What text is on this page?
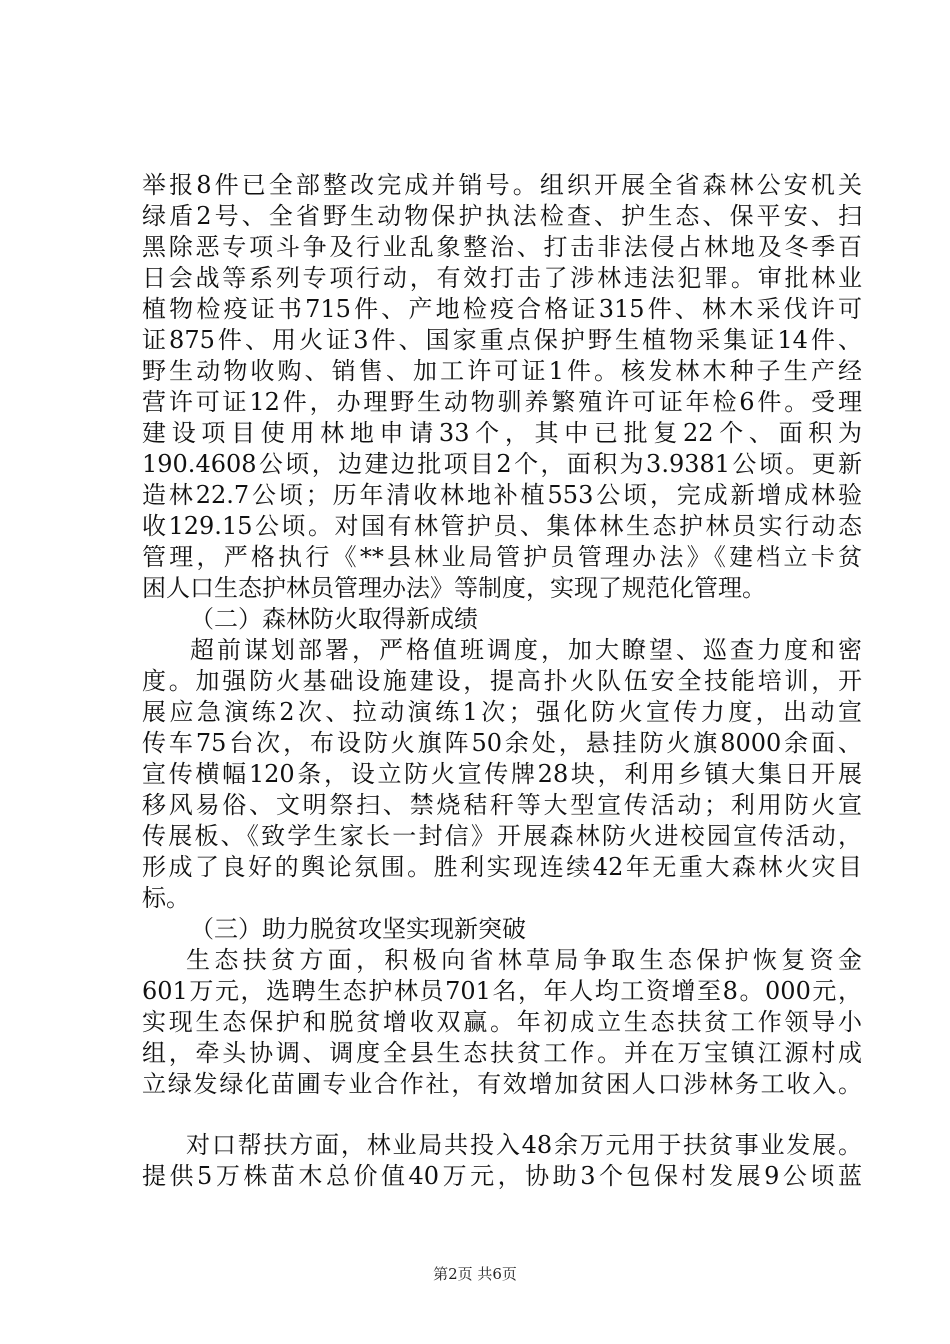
举报8件已全部整改完成并销号。组织开展全省森林公安机关
绿盾2号、全省野生动物保护执法检查、护生态、保平安、扫
黑除恶专项斗争及行业乱象整治、打击非法侵占林地及冬季百
日会战等系列专项行动，有效打击了涉林违法犯罪。审批林业
植物检疫证书715件、产地检疫合格证315件、林木采伐许可
证875件、用火证3件、国家重点保护野生植物采集证14件、
野生动物收购、销售、加工许可证1件。核发林木种子生产经
营许可证12件，办理野生动物驯养繁殖许可证年检6件。受理
建设项目使用林地申请33个，其中已批复22个、面积为
190.4608公顷，边建边批项目2个，面积为3.9381公顷。更新
造林22.7公顷；历年清收林地补植553公顷，完成新增成林验
收129.15公顷。对国有林管护员、集体林生态护林员实行动态
管理，严格执行《**县林业局管护员管理办法》《建档立卡贫
困人口生态护林员管理办法》等制度，实现了规范化管理。
（二）森林防火取得新成绩
超前谋划部署，严格值班调度，加大瞭望、巡查力度和密
度。加强防火基础设施建设，提高扑火队伍安全技能培训，开
展应急演练2次、拉动演练1次；强化防火宣传力度，出动宣
传车75台次，布设防火旗阵50余处，悬挂防火旗8000余面、
宣传横幅120条，设立防火宣传牌28块，利用乡镇大集日开展
移风易俗、文明祭扫、禁烧秸秆等大型宣传活动；利用防火宣
传展板、《致学生家长一封信》开展森林防火进校园宣传活动，
形成了良好的舆论氛围。胜利实现连续42年无重大森林火灾目
标。
（三）助力脱贫攻坚实现新突破
生态扶贫方面，积极向省林草局争取生态保护恢复资金
601万元，选聘生态护林员701名，年人均工资增至8。000元，
实现生态保护和脱贫增收双赢。年初成立生态扶贫工作领导小
组，牵头协调、调度全县生态扶贫工作。并在万宝镇江源村成
立绿发绿化苗圃专业合作社，有效增加贫困人口涉林务工收入。
对口帮扶方面，林业局共投入48余万元用于扶贫事业发展。
提供5万株苗木总价值40万元，协助3个包保村发展9公顷蓝
第2页 共6页
